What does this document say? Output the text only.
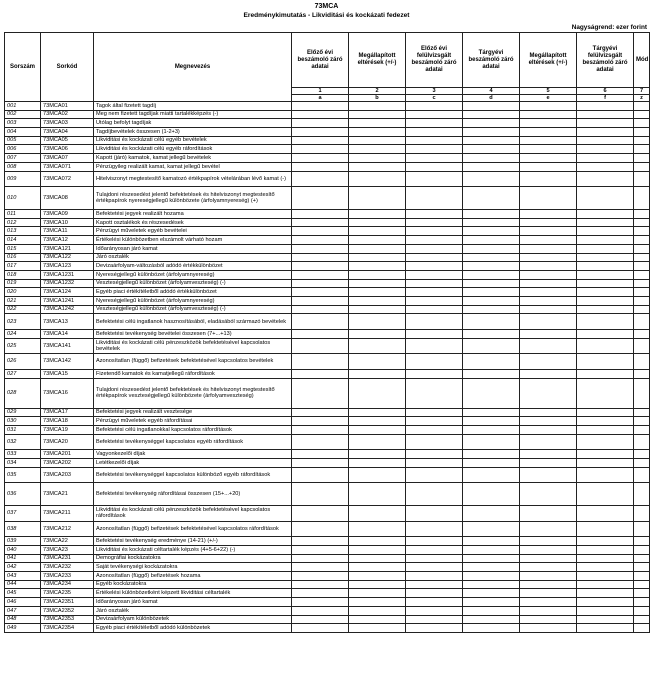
73MCA
Eredménykimutatás - Likviditási és kockázati fedezet
Nagyságrend: ezer forint
Sorszám	Sorkód	Megnevezés	Előző évi beszámoló záró adatai	Megállapított eltérések (+/-)	Előző évi felülvizsgált beszámoló záró adatai	Tárgyévi beszámoló záró adatai	Megállapított eltérések (+/-)	Tárgyévi felülvizsgált beszámoló záró adatai	Mód
			1	2	3	4	5	6	7
			a	b	c	d	e	f	z
001	73MCA01	Tagok által fizetett tagdíj							
002	73MCA02	Meg nem fizetett tagdíjak miatti tartalékképzés (-)							
003	73MCA03	Utólag befolyt tagdíjak							
004	73MCA04	Tagdíjbevételek összesen (1-2+3)							
005	73MCA05	Likviditási és kockázati célú egyéb bevételek							
006	73MCA06	Likviditási és kockázati célú egyéb ráfordítások							
007	73MCA07	Kapott (járó) kamatok, kamat jellegű bevételek							
008	73MCA071	Pénzügyileg realizált kamat, kamat jellegű bevétel							
009	73MCA072	Hitelviszonyt megtestesítő kamatozó értékpapírok vételárában lévő kamat (-)							
010	73MCA08	Tulajdoni részesedést jelentő befektetések és hitelviszonyt megtestesítő értékpapírok nyereségjellegű különbözete (árfolyamnyereség) (+)							
011	73MCA09	Befektetési jegyek realizált hozama							
012	73MCA10	Kapott osztalékok és részesedések							
013	73MCA11	Pénzügyi műveletek egyéb bevételei							
014	73MCA12	Értékelési különbözetben elszámolt várható hozam							
015	73MCA121	Időarányosan járó kamat							
016	73MCA122	Járó osztalék							
017	73MCA123	Devizaárfolyam-változásból adódó értékkülönbözet							
018	73MCA1231	Nyereségjellegű különbözet (árfolyamnyereség)							
019	73MCA1232	Veszteségjellegű különbözet (árfolyamveszteség) (-)							
020	73MCA124	Egyéb piaci értékítéletből adódó értékkülönbözet							
021	73MCA1241	Nyereségjellegű különbözet (árfolyamnyereség)							
022	73MCA1242	Veszteségjellegű különbözet (árfolyamveszteség) (-)							
023	73MCA13	Befektetési célú ingatlanok hasznosításából, eladásából származó bevételek							
024	73MCA14	Befektetési tevékenység bevételei összesen (7+...+13)							
025	73MCA141	Likviditási és kockázati célú pénzeszközök befektetésével kapcsolatos bevételek							
026	73MCA142	Azonosítatlan (függő) befizetések befektetésével kapcsolatos bevételek							
027	73MCA15	Fizetendő kamatok és kamatjellegű ráfordítások							
028	73MCA16	Tulajdoni részesedést jelentő befektetések és hitelviszonyt megtestesítő értékpapírok veszteségjellegű különbözete (árfolyamveszteség)							
029	73MCA17	Befektetési jegyek realizált vesztesége							
030	73MCA18	Pénzügyi műveletek egyéb ráfordításai							
031	73MCA19	Befektetési célú ingatlanokkal kapcsolatos ráfordítások							
032	73MCA20	Befektetési tevékenységgel kapcsolatos egyéb ráfordítások							
033	73MCA201	Vagyonkezelői díjak							
034	73MCA202	Letétkezelői díjak							
035	73MCA203	Befektetési tevékenységgel kapcsolatos különböző egyéb ráfordítások							
036	73MCA21	Befektetési tevékenység ráfordításai összesen (15+...+20)							
037	73MCA211	Likviditási és kockázati célú pénzeszközök befektetésével kapcsolatos ráfordítások							
038	73MCA212	Azonosítatlan (függő) befizetések befektetésével kapcsolatos ráfordítások							
039	73MCA22	Befektetési tevékenység eredménye (14-21) (+/-)							
040	73MCA23	Likviditási és kockázati céltartalék képzés (4+5-6+22) (-)							
041	73MCA231	Demográfiai kockázatokra							
042	73MCA232	Saját tevékenységi kockázatokra							
043	73MCA233	Azonosítatlan (függő) befizetések hozama							
044	73MCA234	Egyéb kockázatokra							
045	73MCA235	Értékelési különbözetként képzett likviditási céltartalék							
046	73MCA2351	Időarányosan járó kamat							
047	73MCA2352	Járó osztalék							
048	73MCA2353	Devizaárfolyam különbözetek							
049	73MCA2354	Egyéb piaci értékítéletből adódó különbözetek							
